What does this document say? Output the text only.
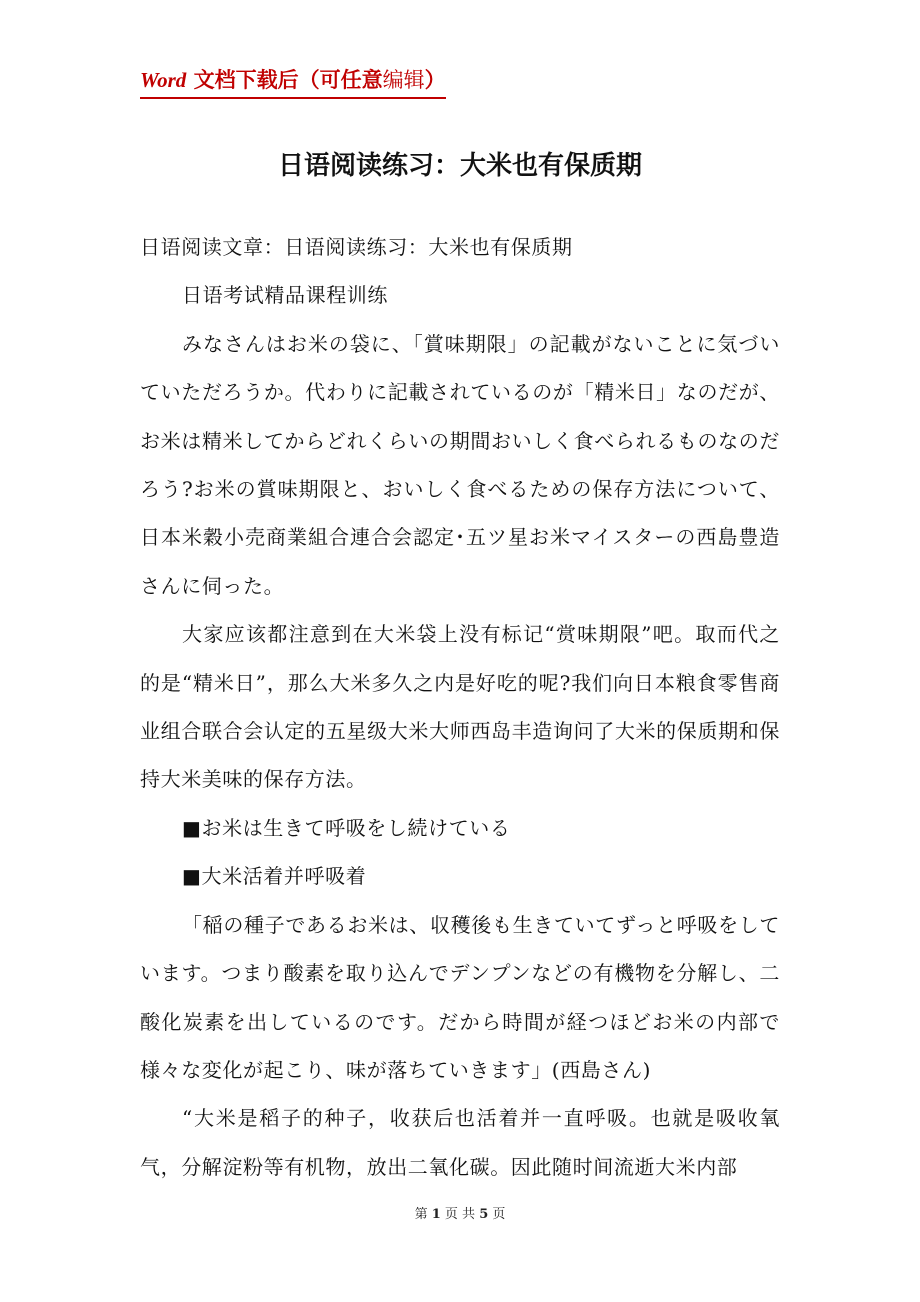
Word 文档下载后（可任意编辑）
日语阅读练习：大米也有保质期

日语阅读文章：日语阅读练习：大米也有保质期

日语考试精品课程训练

みなさんはお米の袋に、「賞味期限」の記載がないことに気づいていただろうか。代わりに記載されているのが「精米日」なのだが、お米は精米してからどれくらいの期間おいしく食べられるものなのだろう?お米の賞味期限と、おいしく食べるための保存方法について、日本米穀小売商業組合連合会認定･五ツ星お米マイスターの西島豊造さんに伺った。

大家应该都注意到在大米袋上没有标记“赏味期限”吧。取而代之的是“精米日”，那么大米多久之内是好吃的呢?我们向日本粮食零售商业组合联合会认定的五星级大米大师西岛丰造询问了大米的保质期和保持大米美味的保存方法。

■お米は生きて呼吸をし続けている

■大米活着并呼吸着

「稲の種子であるお米は、収穫後も生きていてずっと呼吸をしています。つまり酸素を取り込んでデンプンなどの有機物を分解し、二酸化炭素を出しているのです。だから時間が経つほどお米の内部で様々な変化が起こり、味が落ちていきます」(西島さん)

“大米是稻子的种子，收获后也活着并一直呼吸。也就是吸收氧气，分解淀粉等有机物，放出二氧化碳。因此随时间流逝大米内部

第 1 页 共 5 页
